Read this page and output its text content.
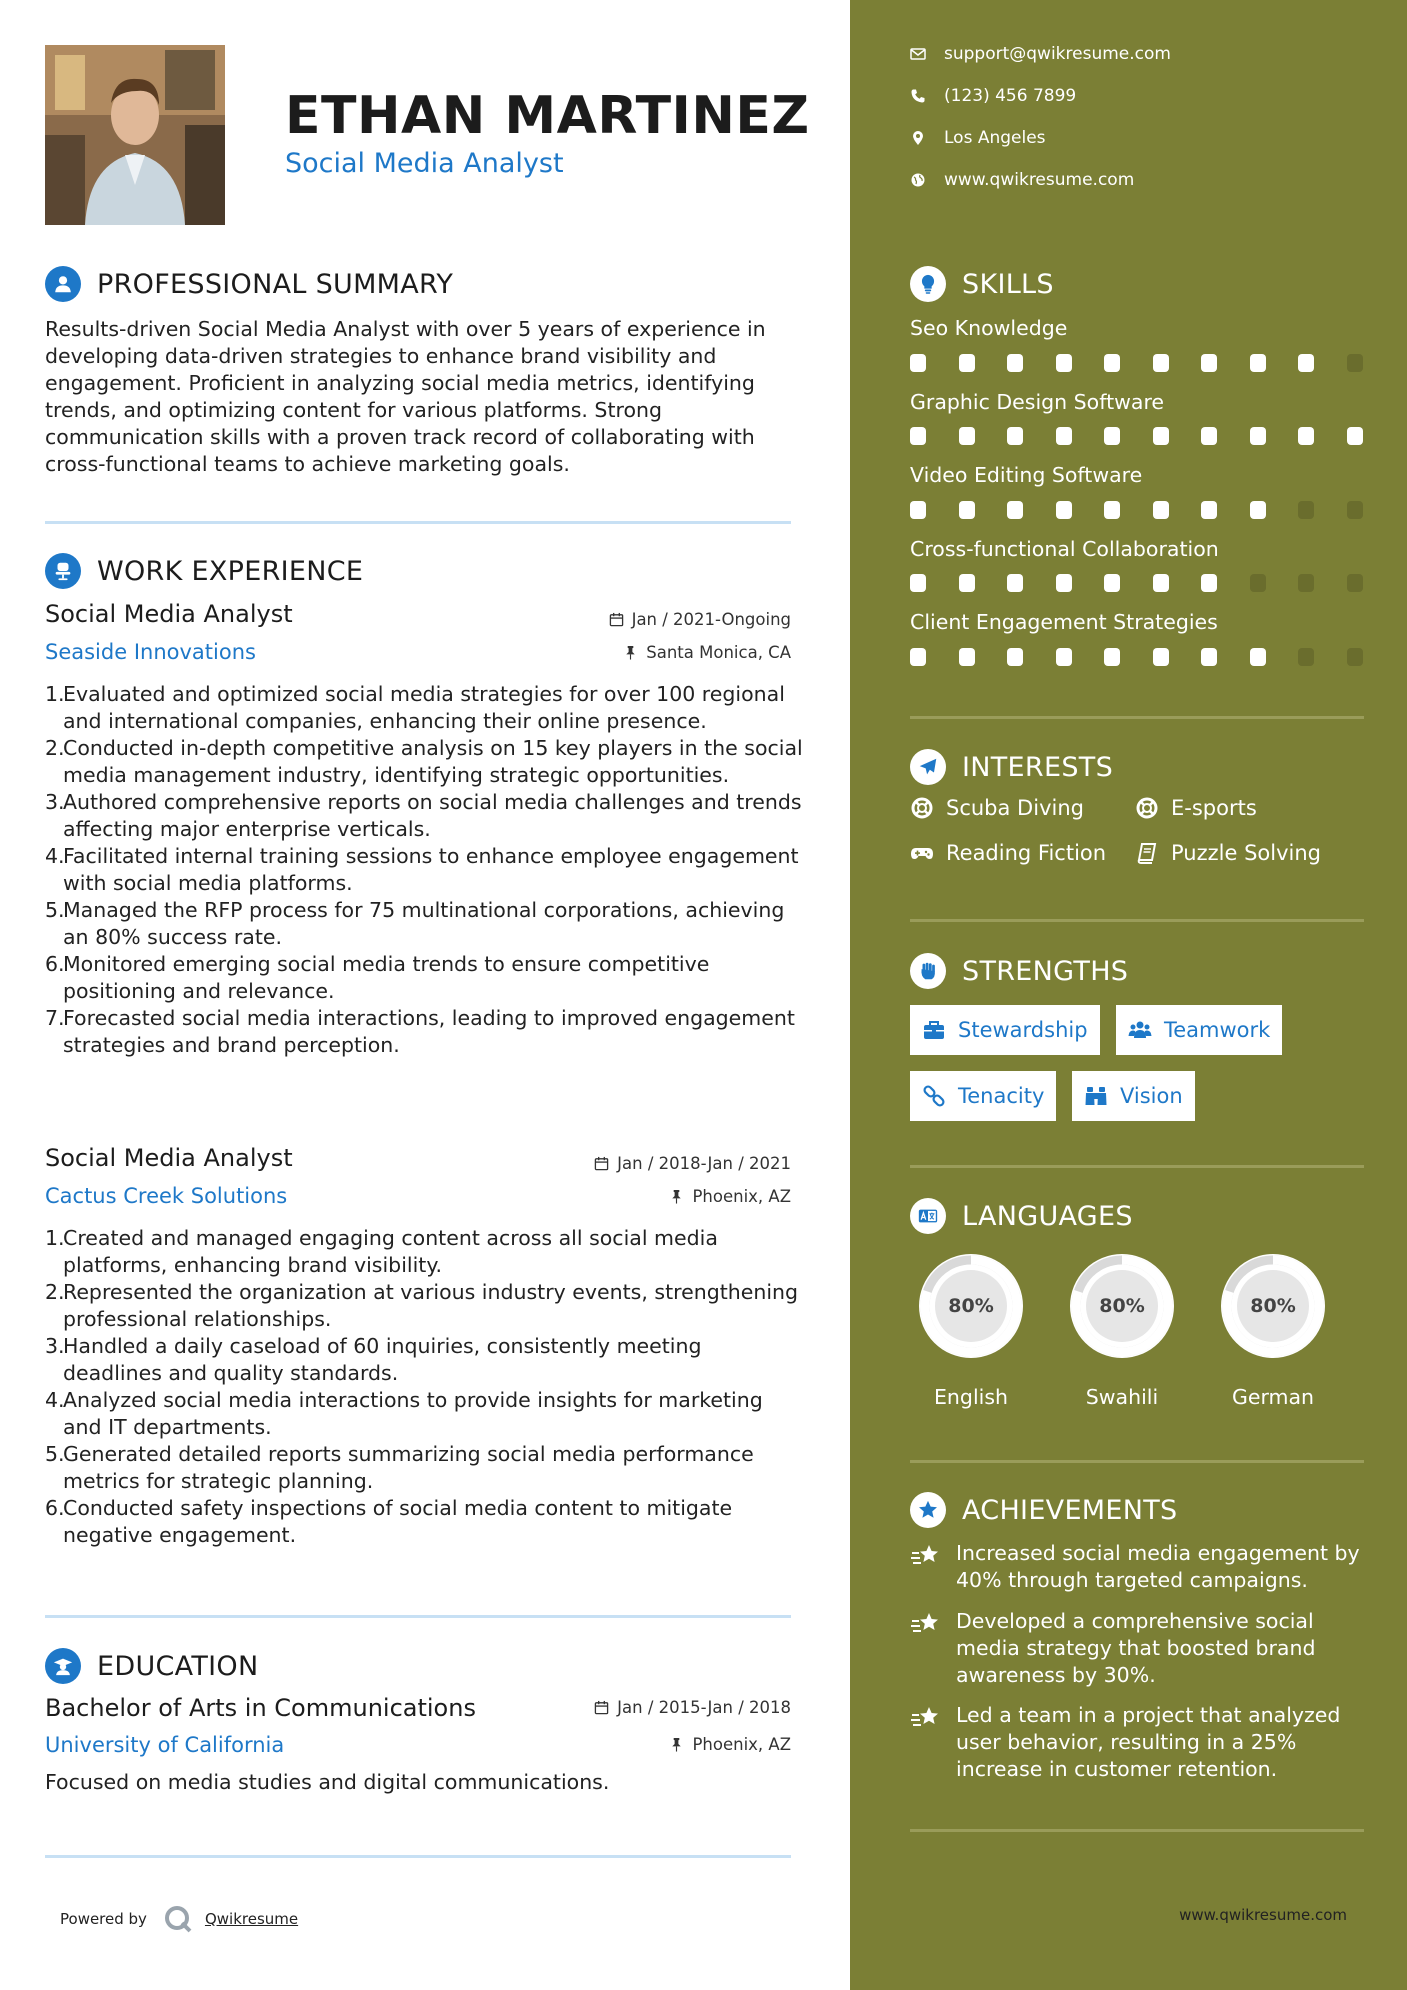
ETHAN MARTINEZ
Social Media Analyst
PROFESSIONAL SUMMARY
Results-driven Social Media Analyst with over 5 years of experience in developing data-driven strategies to enhance brand visibility and engagement. Proficient in analyzing social media metrics, identifying trends, and optimizing content for various platforms. Strong communication skills with a proven track record of collaborating with cross-functional teams to achieve marketing goals.
WORK EXPERIENCE
Social Media Analyst	Jan / 2021-Ongoing
Seaside Innovations	Santa Monica, CA
1.
Evaluated and optimized social media strategies for over 100 regional and international companies, enhancing their online presence.
2.
Conducted in-depth competitive analysis on 15 key players in the social media management industry, identifying strategic opportunities.
3.
Authored comprehensive reports on social media challenges and trends affecting major enterprise verticals.
4.
Facilitated internal training sessions to enhance employee engagement with social media platforms.
5.
Managed the RFP process for 75 multinational corporations, achieving an 80% success rate.
6.
Monitored emerging social media trends to ensure competitive positioning and relevance.
7.
Forecasted social media interactions, leading to improved engagement strategies and brand perception.
Social Media Analyst	Jan / 2018-Jan / 2021
Cactus Creek Solutions	Phoenix, AZ
1.
Created and managed engaging content across all social media platforms, enhancing brand visibility.
2.
Represented the organization at various industry events, strengthening professional relationships.
3.
Handled a daily caseload of 60 inquiries, consistently meeting deadlines and quality standards.
4.
Analyzed social media interactions to provide insights for marketing and IT departments.
5.
Generated detailed reports summarizing social media performance metrics for strategic planning.
6.
Conducted safety inspections of social media content to mitigate negative engagement.
EDUCATION
Bachelor of Arts in Communications	Jan / 2015-Jan / 2018
University of California	Phoenix, AZ
Focused on media studies and digital communications.
Powered by	Qwikresume
support@qwikresume.com
(123) 456 7899
Los Angeles
www.qwikresume.com
SKILLS
Seo Knowledge
Graphic Design Software
Video Editing Software
Cross-functional Collaboration
Client Engagement Strategies
INTERESTS
Scuba Diving	E-sports
Reading Fiction	Puzzle Solving
STRENGTHS
Stewardship	Teamwork
Tenacity	Vision
LANGUAGES
80%
English
80%
Swahili
80%
German
ACHIEVEMENTS
Increased social media engagement by 40% through targeted campaigns.
Developed a comprehensive social media strategy that boosted brand awareness by 30%.
Led a team in a project that analyzed user behavior, resulting in a 25% increase in customer retention.
www.qwikresume.com
